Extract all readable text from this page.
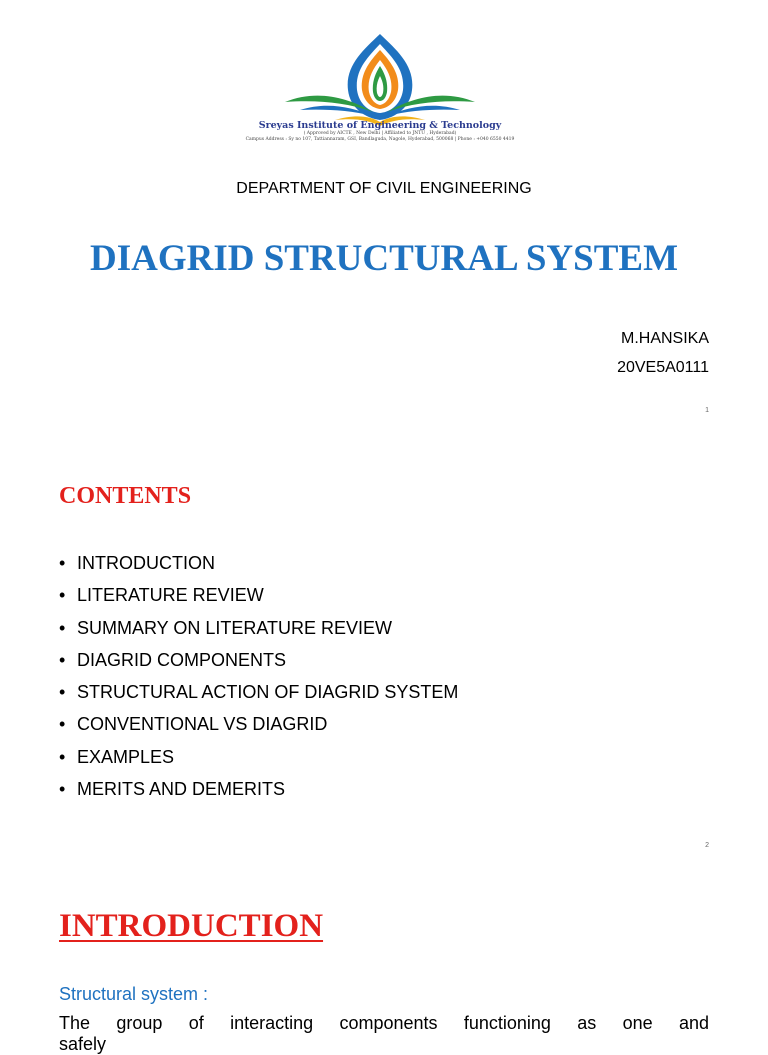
Sreyas Institute of Engineering & Technology
( Approved by AICTE , New Delhi | Affiliated to JNTU , Hyderabad)
Campus Address : Sy no 107, Tattiannaram, GSI, Bandlaguda, Nagole, Hyderabad, 500068 | Phone : +040 6550 4419
DEPARTMENT OF CIVIL ENGINEERING
DIAGRID STRUCTURAL SYSTEM
M.HANSIKA
20VE5A0111
1
CONTENTS
• INTRODUCTION
• LITERATURE REVIEW
• SUMMARY ON LITERATURE REVIEW
• DIAGRID COMPONENTS
• STRUCTURAL ACTION OF DIAGRID SYSTEM
• CONVENTIONAL VS DIAGRID
• EXAMPLES
• MERITS AND DEMERITS
2
INTRODUCTION
Structural system :
The group of interacting components functioning as one and safely
